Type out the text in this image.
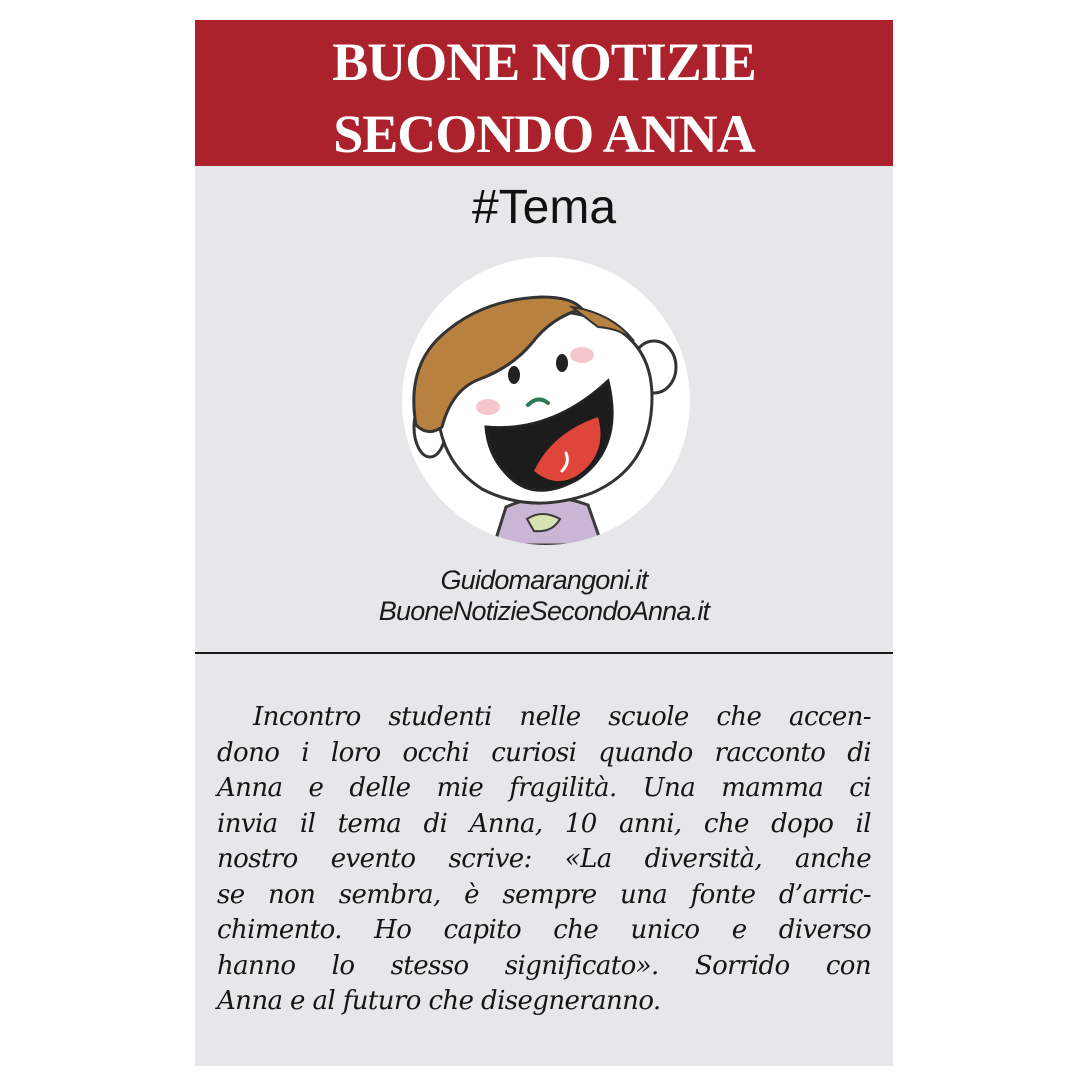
BUONE NOTIZIE
SECONDO ANNA
#Tema
Guidomarangoni.it
BuoneNotizieSecondoAnna.it
Incontro studenti nelle scuole che accen-
dono i loro occhi curiosi quando racconto di
Anna e delle mie fragilità. Una mamma ci
invia il tema di Anna, 10 anni, che dopo il
nostro evento scrive: «La diversità, anche
se non sembra, è sempre una fonte d’arric-
chimento. Ho capito che unico e diverso
hanno lo stesso significato». Sorrido con
Anna e al futuro che disegneranno.
